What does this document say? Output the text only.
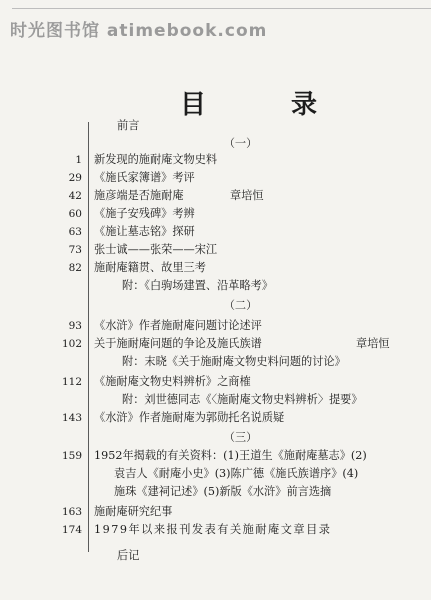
时光图书馆 atimebook.com
目 录
前言
（一）
1 新发现的施耐庵文物史料
29 《施氏家簿谱》考评
42 施彦端是否施耐庵	章培恒
60 《施子安残碑》考辨
63 《施让墓志铭》探研
73 张士诚——张荣——宋江
82 施耐庵籍贯、故里三考
附：《白驹场建置、沿革略考》
（二）
93 《水浒》作者施耐庵问题讨论述评
102 关于施耐庵问题的争论及施氏族谱	章培恒
附：末晓《关于施耐庵文物史料问题的讨论》
112 《施耐庵文物史料辨析》之商榷
附：刘世德同志《〈施耐庵文物史料辨析〉提要》
143 《水浒》作者施耐庵为郭勋托名说质疑
（三）
159 1952年揭载的有关资料：(1)王道生《施耐庵墓志》(2)
袁吉人《耐庵小史》(3)陈广德《施氏族谱序》(4)
施珠《建祠记述》(5)新版《水浒》前言选摘
163 施耐庵研究纪事
174 1979年以来报刊发表有关施耐庵文章目录
后记
